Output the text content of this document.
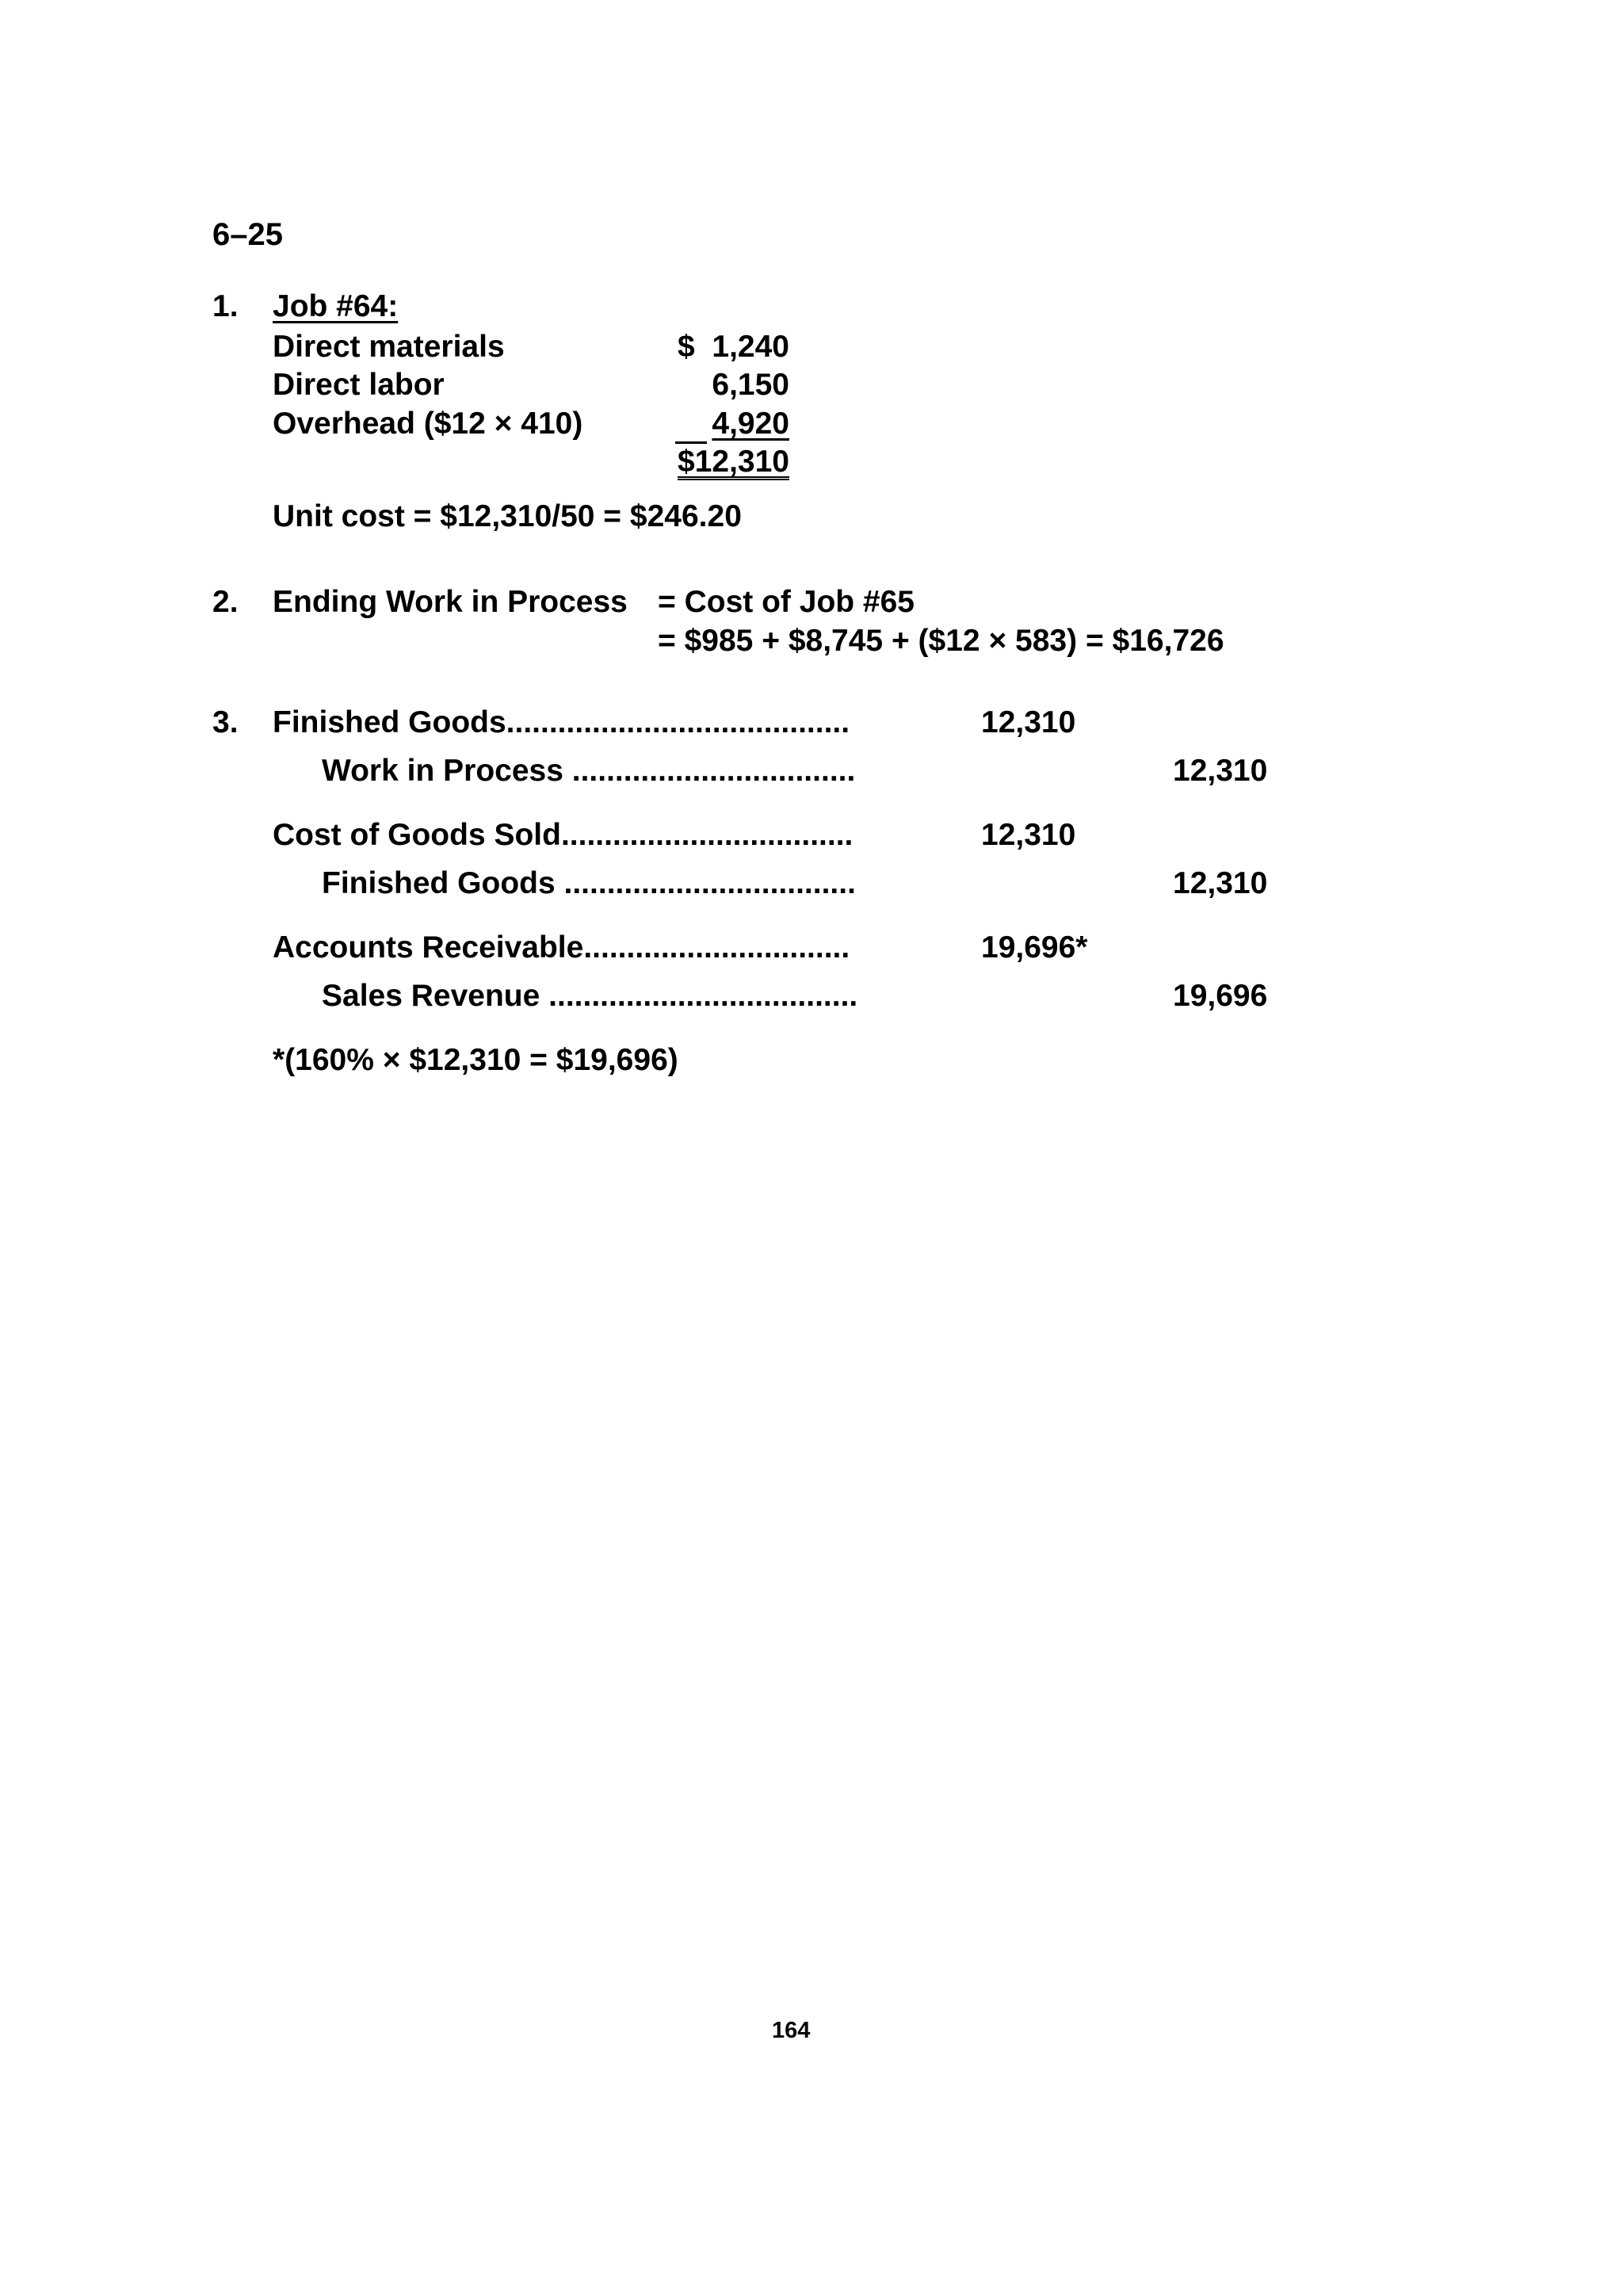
6–25
1. Job #64:
Direct materials	$  1,240
Direct labor	6,150
Overhead ($12 × 410)	4,920
$12,310
Unit cost = $12,310/50 = $246.20
2. Ending Work in Process = Cost of Job #65
= $985 + $8,745 + ($12 × 583) = $16,726
3. Finished Goods........................................	12,310
Work in Process .................................	12,310
Cost of Goods Sold..................................	12,310
Finished Goods ..................................	12,310
Accounts Receivable...............................	19,696*
Sales Revenue ....................................	19,696
*(160% × $12,310 = $19,696)
164
